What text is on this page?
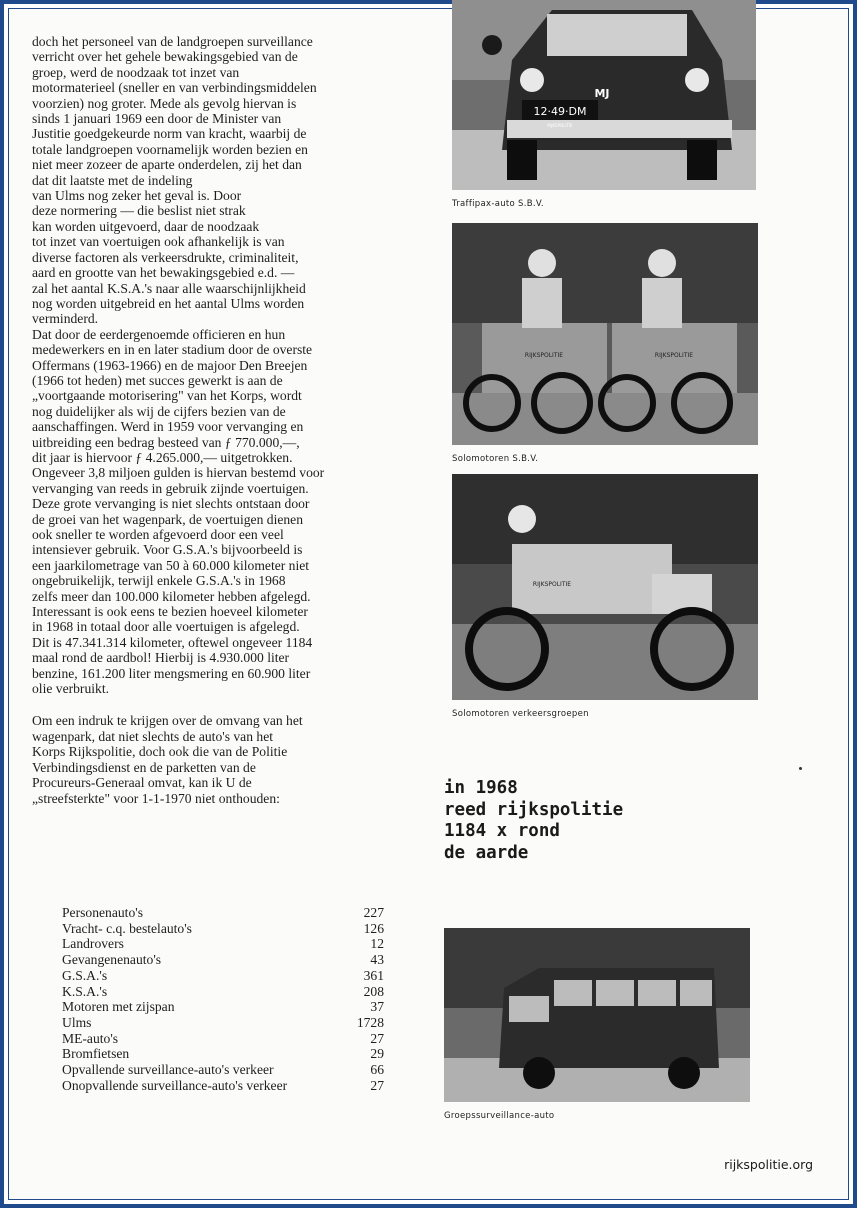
doch het personeel van de landgroepen surveillance
verricht over het gehele bewakingsgebied van de
groep, werd de noodzaak tot inzet van
motormaterieel (sneller en van verbindingsmiddelen
voorzien) nog groter. Mede als gevolg hiervan is
sinds 1 januari 1969 een door de Minister van
Justitie goedgekeurde norm van kracht, waarbij de
totale landgroepen voornamelijk worden bezien en
niet meer zozeer de aparte onderdelen, zij het dan
dat dit laatste met de indeling
van Ulms nog zeker het geval is. Door
deze normering — die beslist niet strak
kan worden uitgevoerd, daar de noodzaak
tot inzet van voertuigen ook afhankelijk is van
diverse factoren als verkeersdrukte, criminaliteit,
aard en grootte van het bewakingsgebied e.d. —
zal het aantal K.S.A.'s naar alle waarschijnlijkheid
nog worden uitgebreid en het aantal Ulms worden
verminderd.
Dat door de eerdergenoemde officieren en hun
medewerkers en in en later stadium door de overste
Offermans (1963-1966) en de majoor Den Breejen
(1966 tot heden) met succes gewerkt is aan de
„voortgaande motorisering" van het Korps, wordt
nog duidelijker als wij de cijfers bezien van de
aanschaffingen. Werd in 1959 voor vervanging en
uitbreiding een bedrag besteed van ƒ 770.000,—,
dit jaar is hiervoor ƒ 4.265.000,— uitgetrokken.
Ongeveer 3,8 miljoen gulden is hiervan bestemd voor
vervanging van reeds in gebruik zijnde voertuigen.
Deze grote vervanging is niet slechts ontstaan door
de groei van het wagenpark, de voertuigen dienen
ook sneller te worden afgevoerd door een veel
intensiever gebruik. Voor G.S.A.'s bijvoorbeeld is
een jaarkilometrage van 50 à 60.000 kilometer niet
ongebruikelijk, terwijl enkele G.S.A.'s in 1968
zelfs meer dan 100.000 kilometer hebben afgelegd.
Interessant is ook eens te bezien hoeveel kilometer
in 1968 in totaal door alle voertuigen is afgelegd.
Dit is 47.341.314 kilometer, oftewel ongeveer 1184
maal rond de aardbol! Hierbij is 4.930.000 liter
benzine, 161.200 liter mengsmering en 60.900 liter
olie verbruikt.
Om een indruk te krijgen over de omvang van het
wagenpark, dat niet slechts de auto's van het
Korps Rijkspolitie, doch ook die van de Politie
Verbindingsdienst en de parketten van de
Procureurs-Generaal omvat, kan ik U de
„streefsterkte" voor 1-1-1970 niet onthouden:
Personenauto's	227
Vracht- c.q. bestelauto's	126
Landrovers	12
Gevangenenauto's	43
G.S.A.'s	361
K.S.A.'s	208
Motoren met zijspan	37
Ulms	1728
ME-auto's	27
Bromfietsen	29
Opvallende surveillance-auto's verkeer	66
Onopvallende surveillance-auto's verkeer	27
12·49·DM
RIJKSPOLITIE
MJ
Traffipax-auto S.B.V.
RIJKSPOLITIE	RIJKSPOLITIE
Solomotoren S.B.V.
RIJKSPOLITIE
Solomotoren verkeersgroepen
in 1968
reed rijkspolitie
1184 x rond
de aarde
Groepssurveillance-auto
rijkspolitie.org
